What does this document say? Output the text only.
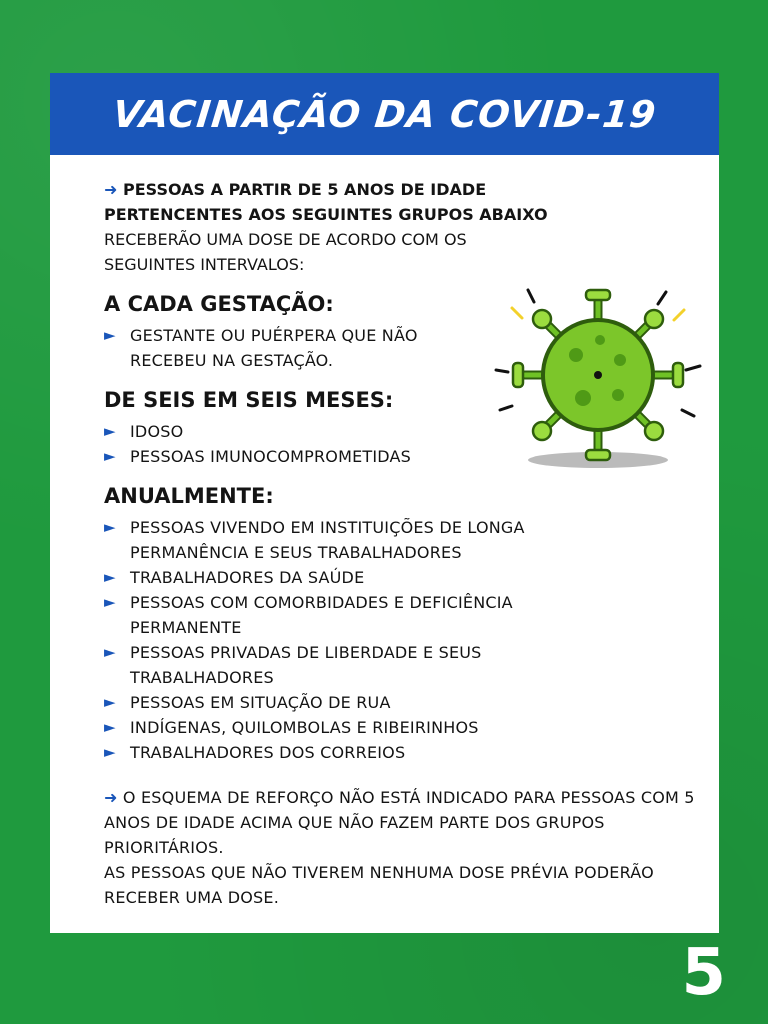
VACINAÇÃO DA COVID-19

➜ PESSOAS A PARTIR DE 5 ANOS DE IDADE
PERTENCENTES AOS SEGUINTES GRUPOS ABAIXO
RECEBERÃO UMA DOSE DE ACORDO COM OS
SEGUINTES INTERVALOS:

A CADA GESTAÇÃO:
► GESTANTE OU PUÉRPERA QUE NÃO RECEBEU NA GESTAÇÃO.
DE SEIS EM SEIS MESES:
► IDOSO
► PESSOAS IMUNOCOMPROMETIDAS
ANUALMENTE:
► PESSOAS VIVENDO EM INSTITUIÇÕES DE LONGA PERMANÊNCIA E SEUS TRABALHADORES
► TRABALHADORES DA SAÚDE
► PESSOAS COM COMORBIDADES E DEFICIÊNCIA PERMANENTE
► PESSOAS PRIVADAS DE LIBERDADE E SEUS TRABALHADORES
► PESSOAS EM SITUAÇÃO DE RUA
► INDÍGENAS, QUILOMBOLAS E RIBEIRINHOS
► TRABALHADORES DOS CORREIOS

➜ O ESQUEMA DE REFORÇO NÃO ESTÁ INDICADO PARA PESSOAS COM 5 ANOS DE IDADE ACIMA QUE NÃO FAZEM PARTE DOS GRUPOS PRIORITÁRIOS.
AS PESSOAS QUE NÃO TIVEREM NENHUMA DOSE PRÉVIA PODERÃO RECEBER UMA DOSE.

5
